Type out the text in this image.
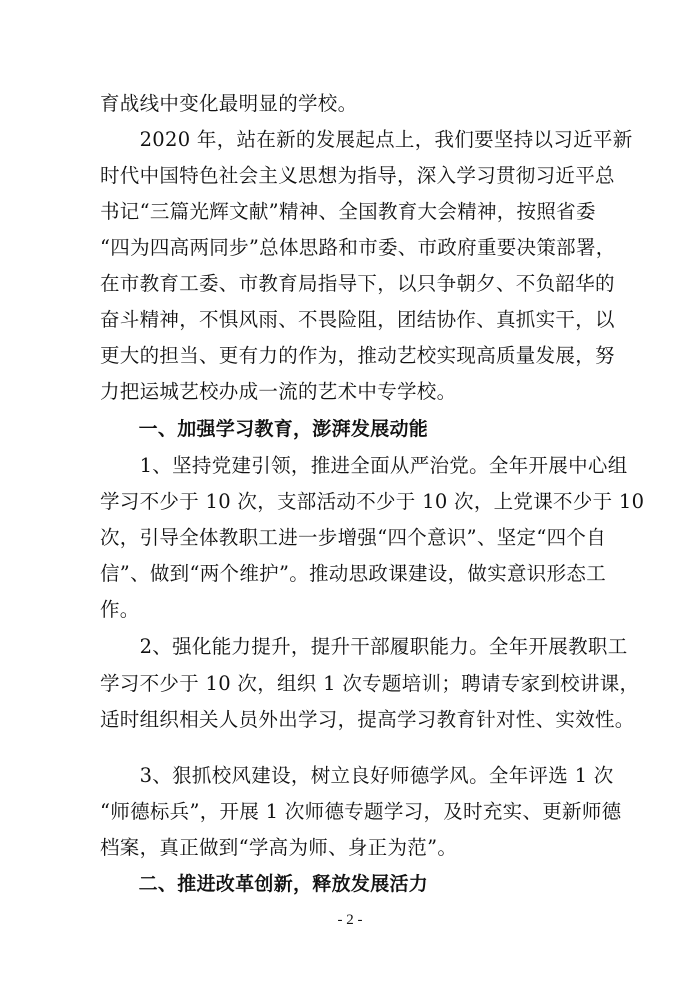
育战线中变化最明显的学校。
　　2020 年，站在新的发展起点上，我们要坚持以习近平新
时代中国特色社会主义思想为指导，深入学习贯彻习近平总
书记“三篇光辉文献”精神、全国教育大会精神，按照省委
“四为四高两同步”总体思路和市委、市政府重要决策部署，
在市教育工委、市教育局指导下，以只争朝夕、不负韶华的
奋斗精神，不惧风雨、不畏险阻，团结协作、真抓实干，以
更大的担当、更有力的作为，推动艺校实现高质量发展，努
力把运城艺校办成一流的艺术中专学校。
　　一、加强学习教育，澎湃发展动能
　　1、坚持党建引领，推进全面从严治党。全年开展中心组
学习不少于 10 次，支部活动不少于 10 次，上党课不少于 10
次，引导全体教职工进一步增强“四个意识”、坚定“四个自
信”、做到“两个维护”。推动思政课建设，做实意识形态工
作。
　　2、强化能力提升，提升干部履职能力。全年开展教职工
学习不少于 10 次，组织 1 次专题培训；聘请专家到校讲课，
适时组织相关人员外出学习，提高学习教育针对性、实效性。
　　3、狠抓校风建设，树立良好师德学风。全年评选 1 次
“师德标兵”，开展 1 次师德专题学习，及时充实、更新师德
档案，真正做到“学高为师、身正为范”。
　　二、推进改革创新，释放发展活力
- 2 -
